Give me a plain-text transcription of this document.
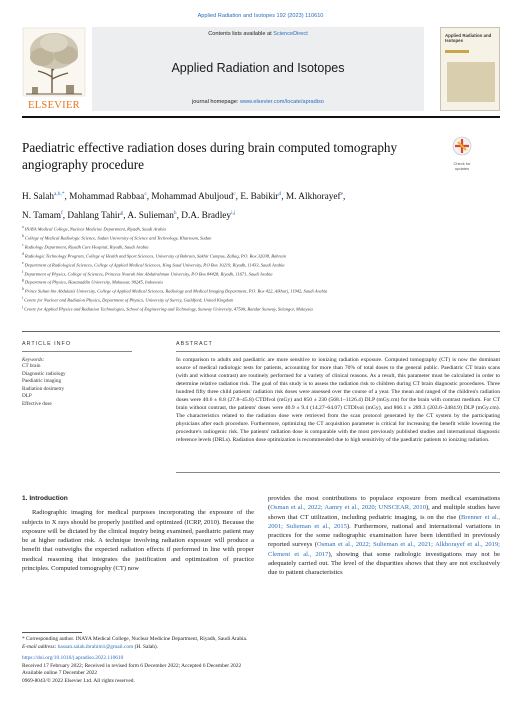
Applied Radiation and Isotopes 192 (2023) 110610
ELSEVIER
Contents lists available at ScienceDirect
Applied Radiation and Isotopes
journal homepage: www.elsevier.com/locate/apradiso
Applied Radiation and Isotopes
Check for updates
Paediatric effective radiation doses during brain computed tomography angiography procedure
H. Salah$^{a,b,*}$, Mohammad Rabbaa$^c$, Mohammad Abuljoud$^c$, E. Babikir$^d$, M. Alkhorayef$^e$,
N. Tamam$^f$, Dahlang Tahir$^g$, A. Sulieman$^h$, D.A. Bradley$^{i,j}$
$^a$ INAYA Medical College, Nuclear Medicine Department, Riyadh, Saudi Arabia
$^b$ College of Medical Radiologic Science, Sudan University of Science and Technology, Khartoum, Sudan
$^c$ Radiology Department, Riyadh Care Hospital, Riyadh, Saudi Arabia
$^d$ Radiologic Technology Program, College of Health and Sport Sciences, University of Bahrain, Sakhir Campus, Zallaq, P.O. Box 32038, Bahrain
$^e$ Department of Radiological Sciences, College of Applied Medical Sciences, King Saud University, P.O Box 10219, Riyadh, 11433, Saudi Arabia
$^f$ Department of Physics, College of Sciences, Princess Nourah bint Abdulrahman University, P.O Box 84428, Riyadh, 11671, Saudi Arabia
$^g$ Department of Physics, Hasanuddin University, Makassar, 90245, Indonesia
$^h$ Prince Sultan bin Abdulaziz University, College of Applied Medical Sciences, Radiology and Medical Imaging Department, P.O. Box 422, Alkharj, 11942, Saudi Arabia
$^i$ Centre for Nuclear and Radiation Physics, Department of Physics, University of Surrey, Guildford, United Kingdom
$^j$ Centre for Applied Physics and Radiation Technologies, School of Engineering and Technology, Sunway University, 47500, Bandar Sunway, Selangor, Malaysia
ARTICLE INFO
Keywords:
CT brain
Diagnostic radiology
Paediatric imaging
Radiation dosimetry
DLP
Effective dose
ABSTRACT
In comparison to adults and paediatric are more sensitive to ionizing radiation exposure. Computed tomography (CT) is now the dominant source of medical radiologic tests for patients, accounting for more than 70% of total doses to the general public. Paediatric CT brain scans (with and without contrast) are routinely performed for a variety of clinical reasons. As a result, this parameter must be calculated in order to determine relative radiation risk. The goal of this study is to assess the radiation risk to children during CT brain diagnostic procedures. Three hundred fifty three child patients' radiation risk doses were assessed over the course of a year. The mean and ranged of the children's radiation doses were 40.6 ± 8.8 (27.8–45.8) CTDIvol (mGy) and 850 ± 230 (568.1–1126.4) DLP (mGy.cm) for the brain with contrast medium. For CT brain without contrast, the patients' doses were 40.9 ± 9.4 (14.27–64.07) CTDIvol (mGy), and 866.1 ± 289.3 (203.6–2484.9) DLP (mGy.cm). The characteristics related to the radiation dose were retrieved from the scan protocol generated by the CT system by the participating physicians after each procedure. Furthermore, optimizing the CT acquisition parameter is critical for increasing the benefit while lowering the procedure's radiogenic risk. The patients' radiation dose is comparable with the most previously published studies and international diagnostic reference levels (DRLs). Radiation dose optimization is recommended due to high sensitivity of the paediatric patients to ionizing radiation.
1. Introduction

Radiographic imaging for medical purposes incorporating the exposure of the subjects to X rays should be properly justified and optimized (ICRP, 2010). Because the exposure will be dictated by the clinical inquiry being examined, paediatric patient may be at higher radiation risk. A technique involving radiation exposure will produce a benefit that outweighs the expected radiation effects if performed in line with proper medical reasoning that integrates the justification and optimization of practice principles. Computed tomography (CT) now

provides the most contributions to populace exposure from medical examinations (Osman et al., 2022; Aamry et al., 2020; UNSCEAR, 2010), and multiple studies have shown that CT utilization, including pediatric imaging, is on the rise (Brenner et al., 2001; Sulieman et al., 2015). Furthermore, national and international variations in practices for the some radiographic examination have been identified in previously reported surveys (Osman et al., 2022; Sulieman et al., 2021; Alkhorayef et al., 2019; Clement et al., 2017), showing that some radiologic investigations may not be adequately carried out. The level of the disparities shows that they are not exclusively due to patient characteristics

* Corresponding author. INAYA Medical College, Nuclear Medicine Department, Riyadh, Saudi Arabia.
E-mail address: hassan.salah.ibrahim1@gmail.com (H. Salah).
https://doi.org/10.1016/j.apradiso.2022.110610
Received 17 February 2022; Received in revised form 6 December 2022; Accepted 6 December 2022
Available online 7 December 2022
0969-8043/© 2022 Elsevier Ltd. All rights reserved.
